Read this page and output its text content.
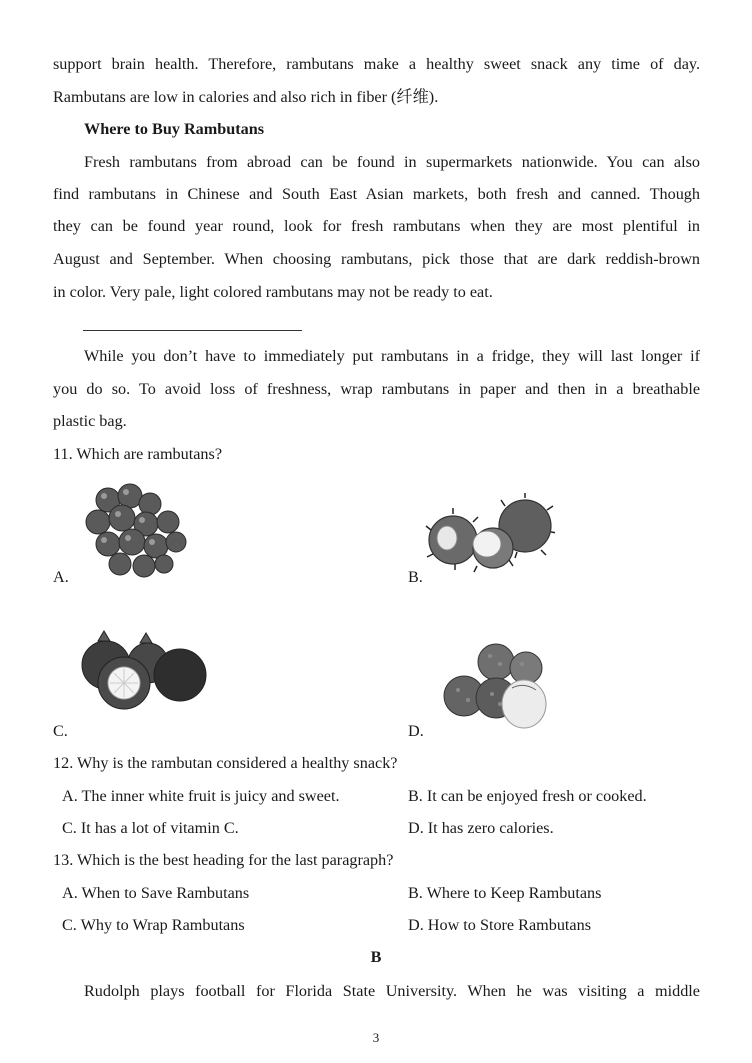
support brain health. Therefore, rambutans make a healthy sweet snack any time of day.
Rambutans are low in calories and also rich in fiber (纤维).
Where to Buy Rambutans
Fresh rambutans from abroad can be found in supermarkets nationwide. You can also
find rambutans in Chinese and South East Asian markets, both fresh and canned. Though
they can be found year round, look for fresh rambutans when they are most plentiful in
August and September. When choosing rambutans, pick those that are dark reddish-brown
in color. Very pale, light colored rambutans may not be ready to eat.
While you don’t have to immediately put rambutans in a fridge, they will last longer if
you do so. To avoid loss of freshness, wrap rambutans in paper and then in a breathable
plastic bag.
11. Which are rambutans?
A.	B.
C.	D.
12. Why is the rambutan considered a healthy snack?
A. The inner white fruit is juicy and sweet.	B. It can be enjoyed fresh or cooked.
C. It has a lot of vitamin C.	D. It has zero calories.
13. Which is the best heading for the last paragraph?
A. When to Save Rambutans	B. Where to Keep Rambutans
C. Why to Wrap Rambutans	D. How to Store Rambutans
B
Rudolph plays football for Florida State University. When he was visiting a middle
3
